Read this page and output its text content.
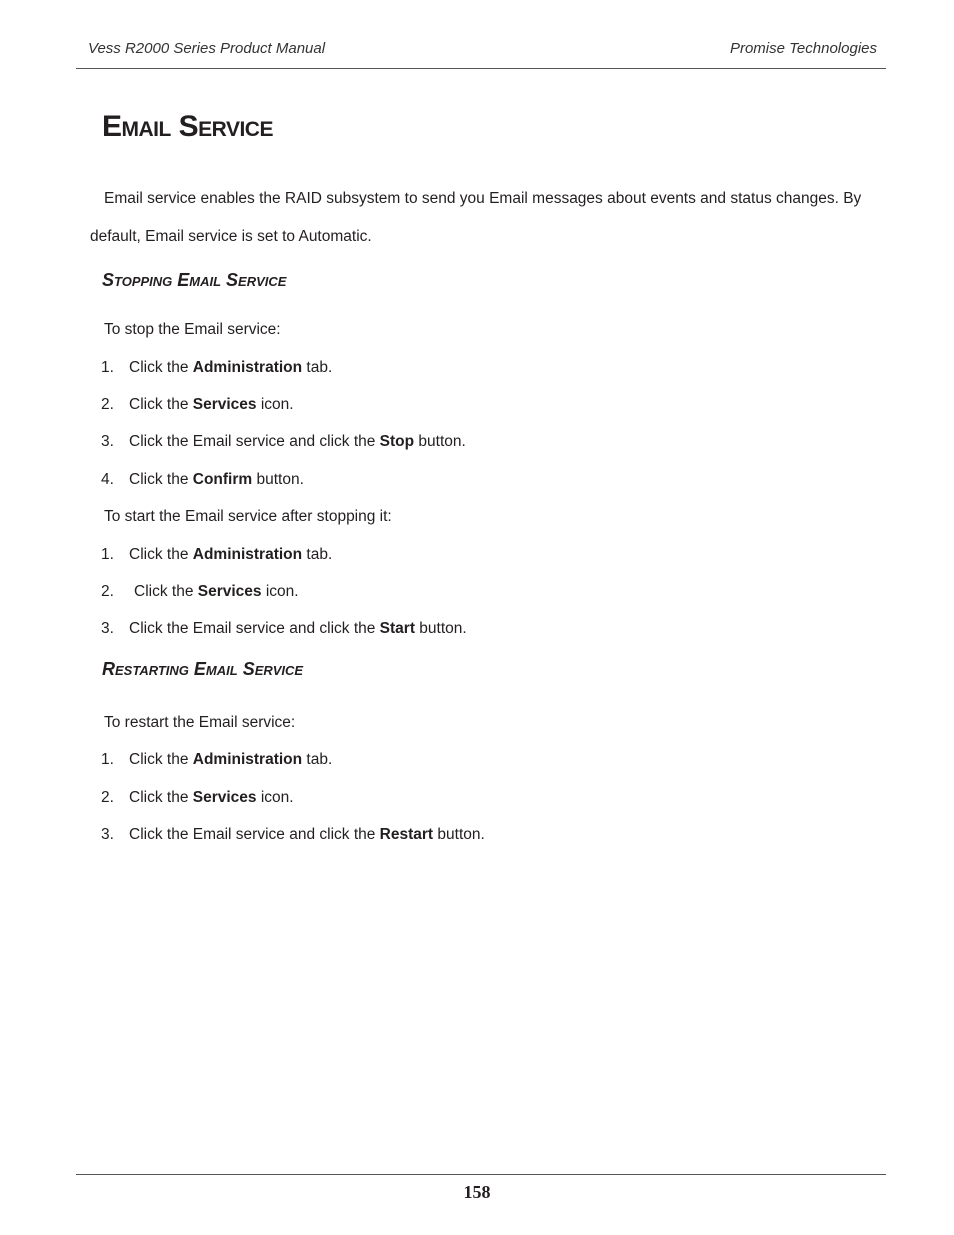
Vess R2000 Series Product Manual	Promise Technologies
Email Service
Email service enables the RAID subsystem to send you Email messages about events and status changes. By
default, Email service is set to Automatic.
Stopping Email Service
To stop the Email service:
1. Click the Administration tab.
2. Click the Services icon.
3. Click the Email service and click the Stop button.
4. Click the Confirm button.
To start the Email service after stopping it:
1. Click the Administration tab.
2. Click the Services icon.
3. Click the Email service and click the Start button.
Restarting Email Service
To restart the Email service:
1. Click the Administration tab.
2. Click the Services icon.
3. Click the Email service and click the Restart button.
158
